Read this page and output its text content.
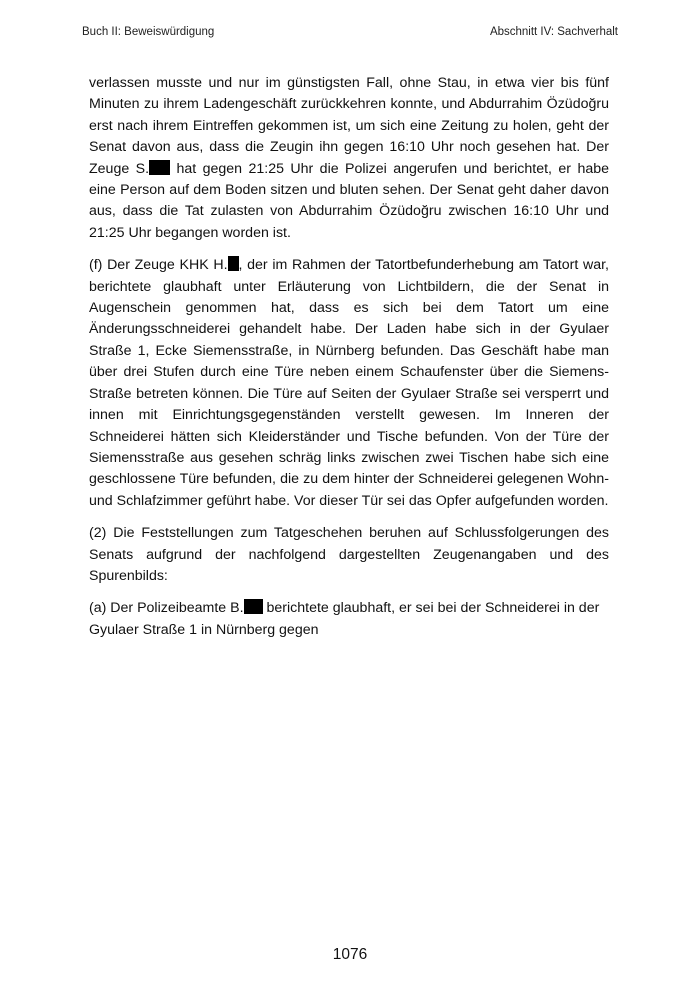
Buch II: Beweiswürdigung	Abschnitt IV: Sachverhalt

verlassen musste und nur im günstigsten Fall, ohne Stau, in etwa vier bis fünf Minuten zu ihrem Ladengeschäft zurückkehren konnte, und Abdurrahim Özüdoğru erst nach ihrem Eintreffen gekommen ist, um sich eine Zeitung zu holen, geht der Senat davon aus, dass die Zeugin ihn gegen 16:10 Uhr noch gesehen hat. Der Zeuge S. hat gegen 21:25 Uhr die Polizei angerufen und berichtet, er habe eine Person auf dem Boden sitzen und bluten sehen. Der Senat geht daher davon aus, dass die Tat zulasten von Abdurrahim Özüdoğru zwischen 16:10 Uhr und 21:25 Uhr begangen worden ist.

(f) Der Zeuge KHK H. , der im Rahmen der Tatortbefunderhebung am Tatort war, berichtete glaubhaft unter Erläuterung von Lichtbildern, die der Senat in Augenschein genommen hat, dass es sich bei dem Tatort um eine Änderungsschneiderei gehandelt habe. Der Laden habe sich in der Gyulaer Straße 1, Ecke Siemensstraße, in Nürnberg befunden. Das Geschäft habe man über drei Stufen durch eine Türe neben einem Schaufenster über die Siemens-Straße betreten können. Die Türe auf Seiten der Gyulaer Straße sei versperrt und innen mit Einrichtungsgegenständen verstellt gewesen. Im Inneren der Schneiderei hätten sich Kleiderständer und Tische befunden. Von der Türe der Siemensstraße aus gesehen schräg links zwischen zwei Tischen habe sich eine geschlossene Türe befunden, die zu dem hinter der Schneiderei gelegenen Wohn- und Schlafzimmer geführt habe. Vor dieser Tür sei das Opfer aufgefunden worden.

(2) Die Feststellungen zum Tatgeschehen beruhen auf Schlussfolgerungen des Senats aufgrund der nachfolgend dargestellten Zeugenangaben und des Spurenbilds:

(a) Der Polizeibeamte B. berichtete glaubhaft, er sei bei der Schneiderei in der Gyulaer Straße 1 in Nürnberg gegen

1076
